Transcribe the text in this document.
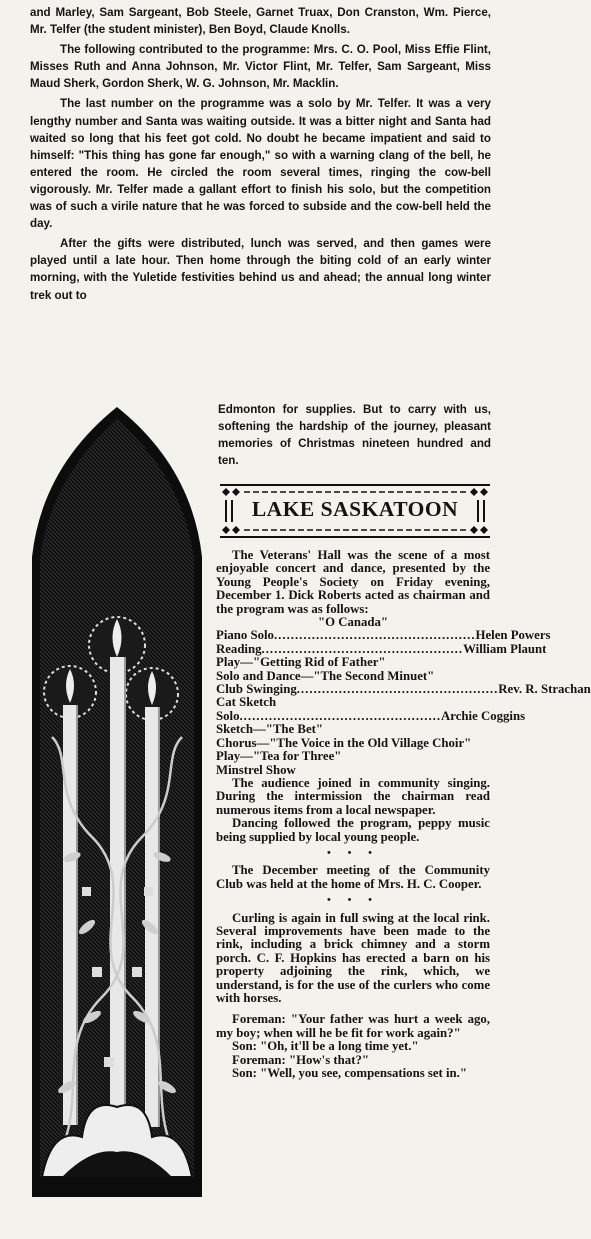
and Marley, Sam Sargeant, Bob Steele, Garnet Truax, Don Cranston, Wm. Pierce, Mr. Telfer (the student minister), Ben Boyd, Claude Knolls.

The following contributed to the programme: Mrs. C. O. Pool, Miss Effie Flint, Misses Ruth and Anna Johnson, Mr. Victor Flint, Mr. Telfer, Sam Sargeant, Miss Maud Sherk, Gordon Sherk, W. G. Johnson, Mr. Macklin.

The last number on the programme was a solo by Mr. Telfer. It was a very lengthy number and Santa was waiting outside. It was a bitter night and Santa had waited so long that his feet got cold. No doubt he became impatient and said to himself: "This thing has gone far enough," so with a warning clang of the bell, he entered the room. He circled the room several times, ringing the cow-bell vigorously. Mr. Telfer made a gallant effort to finish his solo, but the competition was of such a virile nature that he was forced to subside and the cow-bell held the day.

After the gifts were distributed, lunch was served, and then games were played until a late hour. Then home through the biting cold of an early winter morning, with the Yuletide festivities behind us and ahead; the annual long winter trek out to

Edmonton for supplies. But to carry with us, softening the hardship of the journey, pleasant memories of Christmas nineteen hundred and ten.

LAKE SASKATOON

The Veterans' Hall was the scene of a most enjoyable concert and dance, presented by the Young People's Society on Friday evening, December 1. Dick Roberts acted as chairman and the program was as follows:

"O Canada"

Piano Solo ................................................ Helen Powers
Reading ................................................ William Plaunt
Play—"Getting Rid of Father"
Solo and Dance—"The Second Minuet"
Club Swinging ................................................ Rev. R. Strachan
Cat Sketch
Solo ................................................ Archie Coggins
Sketch—"The Bet"
Chorus—"The Voice in the Old Village Choir"
Play—"Tea for Three"
Minstrel Show

The audience joined in community singing. During the intermission the chairman read numerous items from a local newspaper.

Dancing followed the program, peppy music being supplied by local young people.

• • •

The December meeting of the Community Club was held at the home of Mrs. H. C. Cooper.

• • •

Curling is again in full swing at the local rink. Several improvements have been made to the rink, including a brick chimney and a storm porch. C. F. Hopkins has erected a barn on his property adjoining the rink, which, we understand, is for the use of the curlers who come with horses.

Foreman: "Your father was hurt a week ago, my boy; when will he be fit for work again?"

Son: "Oh, it'll be a long time yet."

Foreman: "How's that?"

Son: "Well, you see, compensations set in."
